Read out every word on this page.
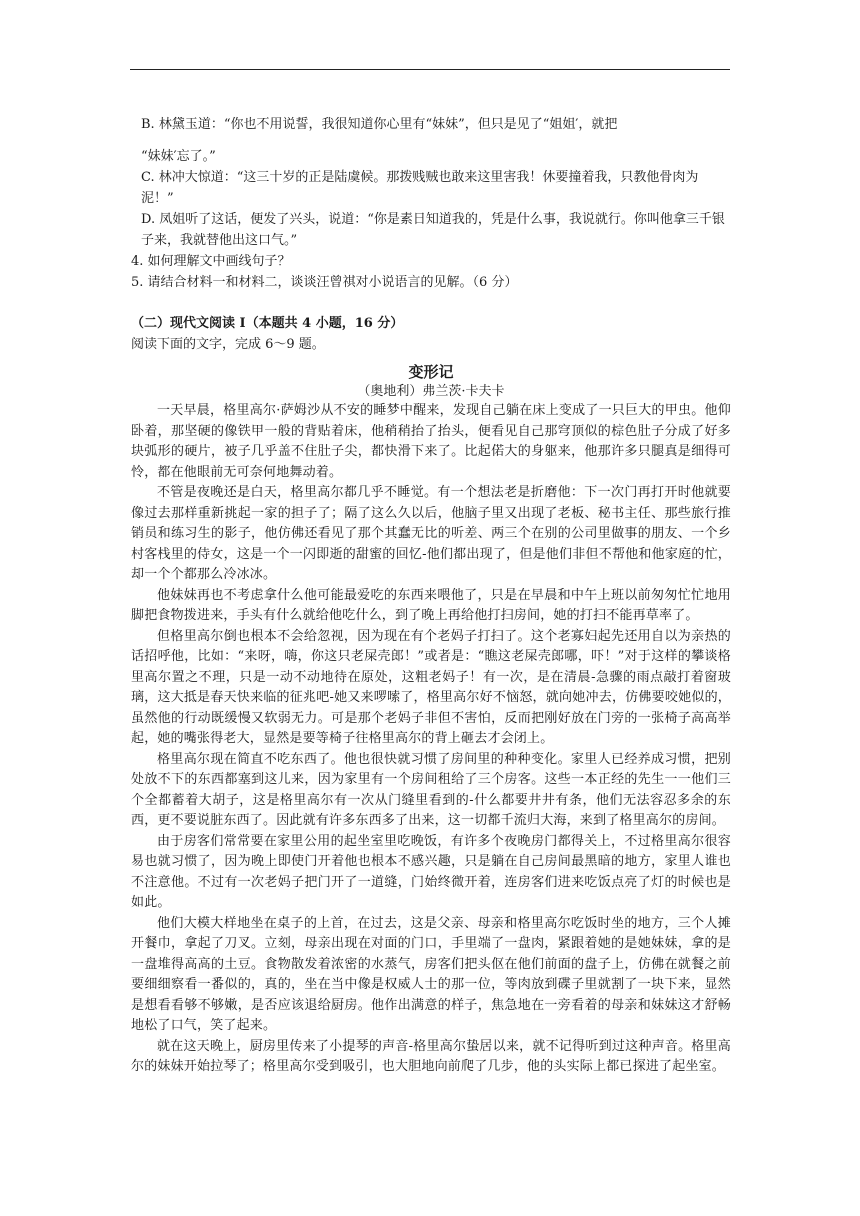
B. 林黛玉道：“你也不用说誓，我很知道你心里有“妹妹”，但只是见了“姐姐′，就把

“妹妹′忘了。”

C. 林冲大惊道：“这三十岁的正是陆虞候。那拨贱贼也敢来这里害我！休要撞着我，只教他骨肉为泥！”

D. 凤姐听了这话，便发了兴头，说道：“你是素日知道我的，凭是什么事，我说就行。你叫他拿三千银子来，我就替他出这口气。”

4. 如何理解文中画线句子？

5. 请结合材料一和材料二，谈谈汪曾祺对小说语言的见解。（6 分）

（二）现代文阅读 I（本题共 4 小题，16 分）

阅读下面的文字，完成 6～9 题。

变形记

（奥地利）弗兰茨·卡夫卡

一天早晨，格里高尔·萨姆沙从不安的睡梦中醒来，发现自己躺在床上变成了一只巨大的甲虫。他仰卧着，那坚硬的像铁甲一般的背贴着床，他稍稍抬了抬头，便看见自己那穹顶似的棕色肚子分成了好多块弧形的硬片，被子几乎盖不住肚子尖，都快滑下来了。比起偌大的身躯来，他那许多只腿真是细得可怜，都在他眼前无可奈何地舞动着。

不管是夜晚还是白天，格里高尔都几乎不睡觉。有一个想法老是折磨他：下一次门再打开时他就要像过去那样重新挑起一家的担子了；隔了这么久以后，他脑子里又出现了老板、秘书主任、那些旅行推销员和练习生的影子，他仿佛还看见了那个其蠢无比的听差、两三个在别的公司里做事的朋友、一个乡村客栈里的侍女，这是一个一闪即逝的甜蜜的回忆-他们都出现了，但是他们非但不帮他和他家庭的忙，却一个个都那么冷冰冰。

他妹妹再也不考虑拿什么他可能最爱吃的东西来喂他了，只是在早晨和中午上班以前匆匆忙忙地用脚把食物拨进来，手头有什么就给他吃什么，到了晚上再给他打扫房间，她的打扫不能再草率了。

但格里高尔倒也根本不会给忽视，因为现在有个老妈子打扫了。这个老寡妇起先还用自以为亲热的话招呼他，比如：“来呀，嗨，你这只老屎壳郎！”或者是：“瞧这老屎壳郎哪，吓！”对于这样的攀谈格里高尔置之不理，只是一动不动地待在原处，这粗老妈子！有一次，是在清晨-急骤的雨点敲打着窗玻璃，这大抵是春天快来临的征兆吧-她又来啰嗦了，格里高尔好不恼怒，就向她冲去，仿佛要咬她似的，虽然他的行动既缓慢又软弱无力。可是那个老妈子非但不害怕，反而把刚好放在门旁的一张椅子高高举起，她的嘴张得老大，显然是要等椅子往格里高尔的背上砸去才会闭上。

格里高尔现在简直不吃东西了。他也很快就习惯了房间里的种种变化。家里人已经养成习惯，把别处放不下的东西都塞到这儿来，因为家里有一个房间租给了三个房客。这些一本正经的先生一一他们三个全都蓄着大胡子，这是格里高尔有一次从门缝里看到的-什么都要井井有条，他们无法容忍多余的东西，更不要说脏东西了。因此就有许多东西多了出来，这一切都千流归大海，来到了格里高尔的房间。

由于房客们常常要在家里公用的起坐室里吃晚饭，有许多个夜晚房门都得关上，不过格里高尔很容易也就习惯了，因为晚上即使门开着他也根本不感兴趣，只是躺在自己房间最黑暗的地方，家里人谁也不注意他。不过有一次老妈子把门开了一道缝，门始终微开着，连房客们进来吃饭点亮了灯的时候也是如此。

他们大模大样地坐在桌子的上首，在过去，这是父亲、母亲和格里高尔吃饭时坐的地方，三个人摊开餐巾，拿起了刀叉。立刻，母亲出现在对面的门口，手里端了一盘肉，紧跟着她的是她妹妹，拿的是一盘堆得高高的土豆。食物散发着浓密的水蒸气，房客们把头伛在他们前面的盘子上，仿佛在就餐之前要细细察看一番似的，真的，坐在当中像是权威人士的那一位，等肉放到碟子里就割了一块下来，显然是想看看够不够嫩，是否应该退给厨房。他作出满意的样子，焦急地在一旁看着的母亲和妹妹这才舒畅地松了口气，笑了起来。

就在这天晚上，厨房里传来了小提琴的声音-格里高尔蛰居以来，就不记得听到过这种声音。格里高尔的妹妹开始拉琴了；格里高尔受到吸引，也大胆地向前爬了几步，他的头实际上都已探进了起坐室。
